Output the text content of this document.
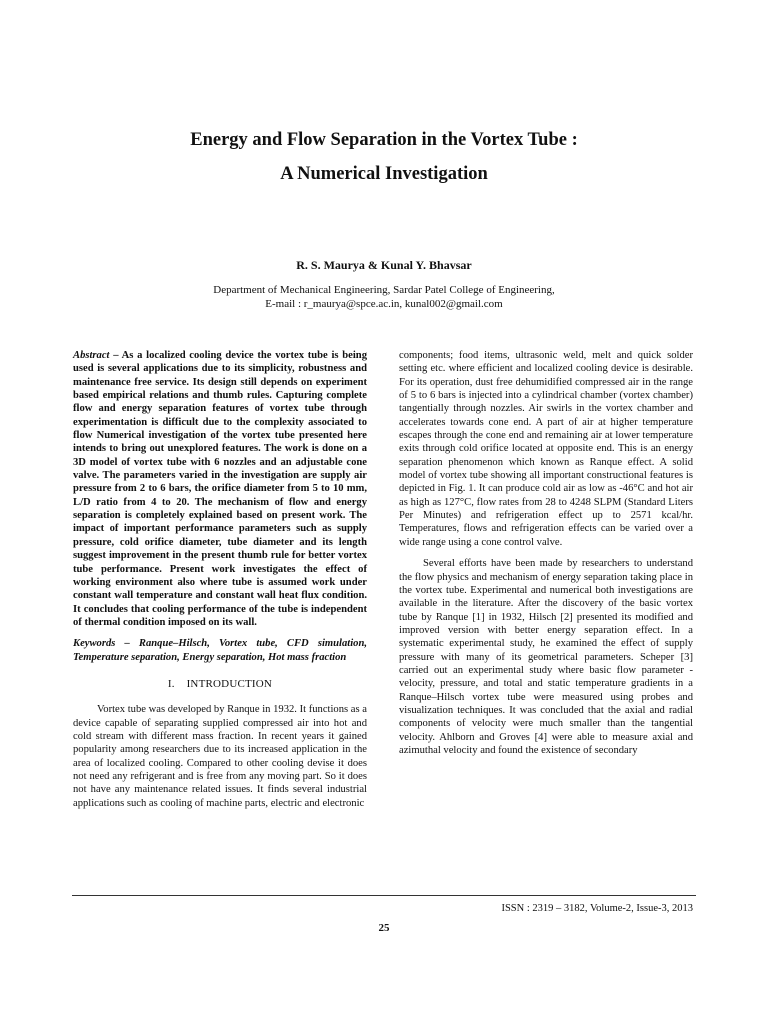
Energy and Flow Separation in the Vortex Tube :
A Numerical Investigation
R. S. Maurya & Kunal Y. Bhavsar
Department of Mechanical Engineering, Sardar Patel College of Engineering,
E-mail : r_maurya@spce.ac.in, kunal002@gmail.com

Abstract – As a localized cooling device the vortex tube is being used is several applications due to its simplicity, robustness and maintenance free service. Its design still depends on experiment based empirical relations and thumb rules. Capturing complete flow and energy separation features of vortex tube through experimentation is difficult due to the complexity associated to flow Numerical investigation of the vortex tube presented here intends to bring out unexplored features. The work is done on a 3D model of vortex tube with 6 nozzles and an adjustable cone valve. The parameters varied in the investigation are supply air pressure from 2 to 6 bars, the orifice diameter from 5 to 10 mm, L/D ratio from 4 to 20. The mechanism of flow and energy separation is completely explained based on present work. The impact of important performance parameters such as supply pressure, cold orifice diameter, tube diameter and its length suggest improvement in the present thumb rule for better vortex tube performance. Present work investigates the effect of working environment also where tube is assumed work under constant wall temperature and constant wall heat flux condition. It concludes that cooling performance of the tube is independent of thermal condition imposed on its wall.

Keywords – Ranque–Hilsch, Vortex tube, CFD simulation, Temperature separation, Energy separation, Hot mass fraction

I. INTRODUCTION

Vortex tube was developed by Ranque in 1932. It functions as a device capable of separating supplied compressed air into hot and cold stream with different mass fraction. In recent years it gained popularity among researchers due to its increased application in the area of localized cooling. Compared to other cooling devise it does not need any refrigerant and is free from any moving part. So it does not have any maintenance related issues. It finds several industrial applications such as cooling of machine parts, electric and electronic

components; food items, ultrasonic weld, melt and quick solder setting etc. where efficient and localized cooling device is desirable. For its operation, dust free dehumidified compressed air in the range of 5 to 6 bars is injected into a cylindrical chamber (vortex chamber) tangentially through nozzles. Air swirls in the vortex chamber and accelerates towards cone end. A part of air at higher temperature escapes through the cone end and remaining air at lower temperature exits through cold orifice located at opposite end. This is an energy separation phenomenon which known as Ranque effect. A solid model of vortex tube showing all important constructional features is depicted in Fig. 1. It can produce cold air as low as -46°C and hot air as high as 127°C, flow rates from 28 to 4248 SLPM (Standard Liters Per Minutes) and refrigeration effect up to 2571 kcal/hr. Temperatures, flows and refrigeration effects can be varied over a wide range using a cone control valve.

Several efforts have been made by researchers to understand the flow physics and mechanism of energy separation taking place in the vortex tube. Experimental and numerical both investigations are available in the literature. After the discovery of the basic vortex tube by Ranque [1] in 1932, Hilsch [2] presented its modified and improved version with better energy separation effect. In a systematic experimental study, he examined the effect of supply pressure with many of its geometrical parameters. Scheper [3] carried out an experimental study where basic flow parameter - velocity, pressure, and total and static temperature gradients in a Ranque–Hilsch vortex tube were measured using probes and visualization techniques. It was concluded that the axial and radial components of velocity were much smaller than the tangential velocity. Ahlborn and Groves [4] were able to measure axial and azimuthal velocity and found the existence of secondary

ISSN : 2319 – 3182, Volume-2, Issue-3, 2013
25
